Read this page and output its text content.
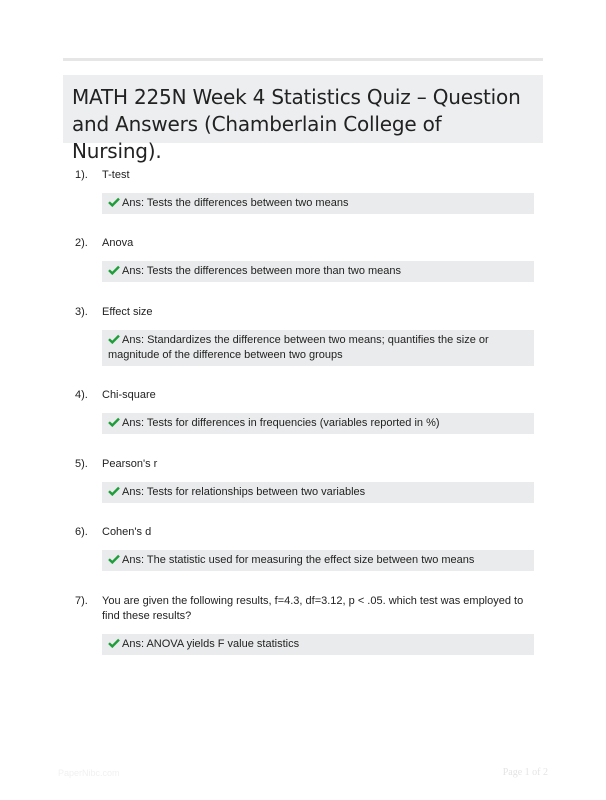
MATH 225N Week 4 Statistics Quiz – Question and Answers (Chamberlain College of Nursing).
1). T-test
Ans: Tests the differences between two means
2). Anova
Ans: Tests the differences between more than two means
3). Effect size
Ans: Standardizes the difference between two means; quantifies the size or magnitude of the difference between two groups
4). Chi-square
Ans: Tests for differences in frequencies (variables reported in %)
5). Pearson's r
Ans: Tests for relationships between two variables
6). Cohen's d
Ans: The statistic used for measuring the effect size between two means
7). You are given the following results, f=4.3, df=3.12, p < .05. which test was employed to find these results?
Ans: ANOVA yields F value statistics
PaperNibc.com	Page 1 of 2
